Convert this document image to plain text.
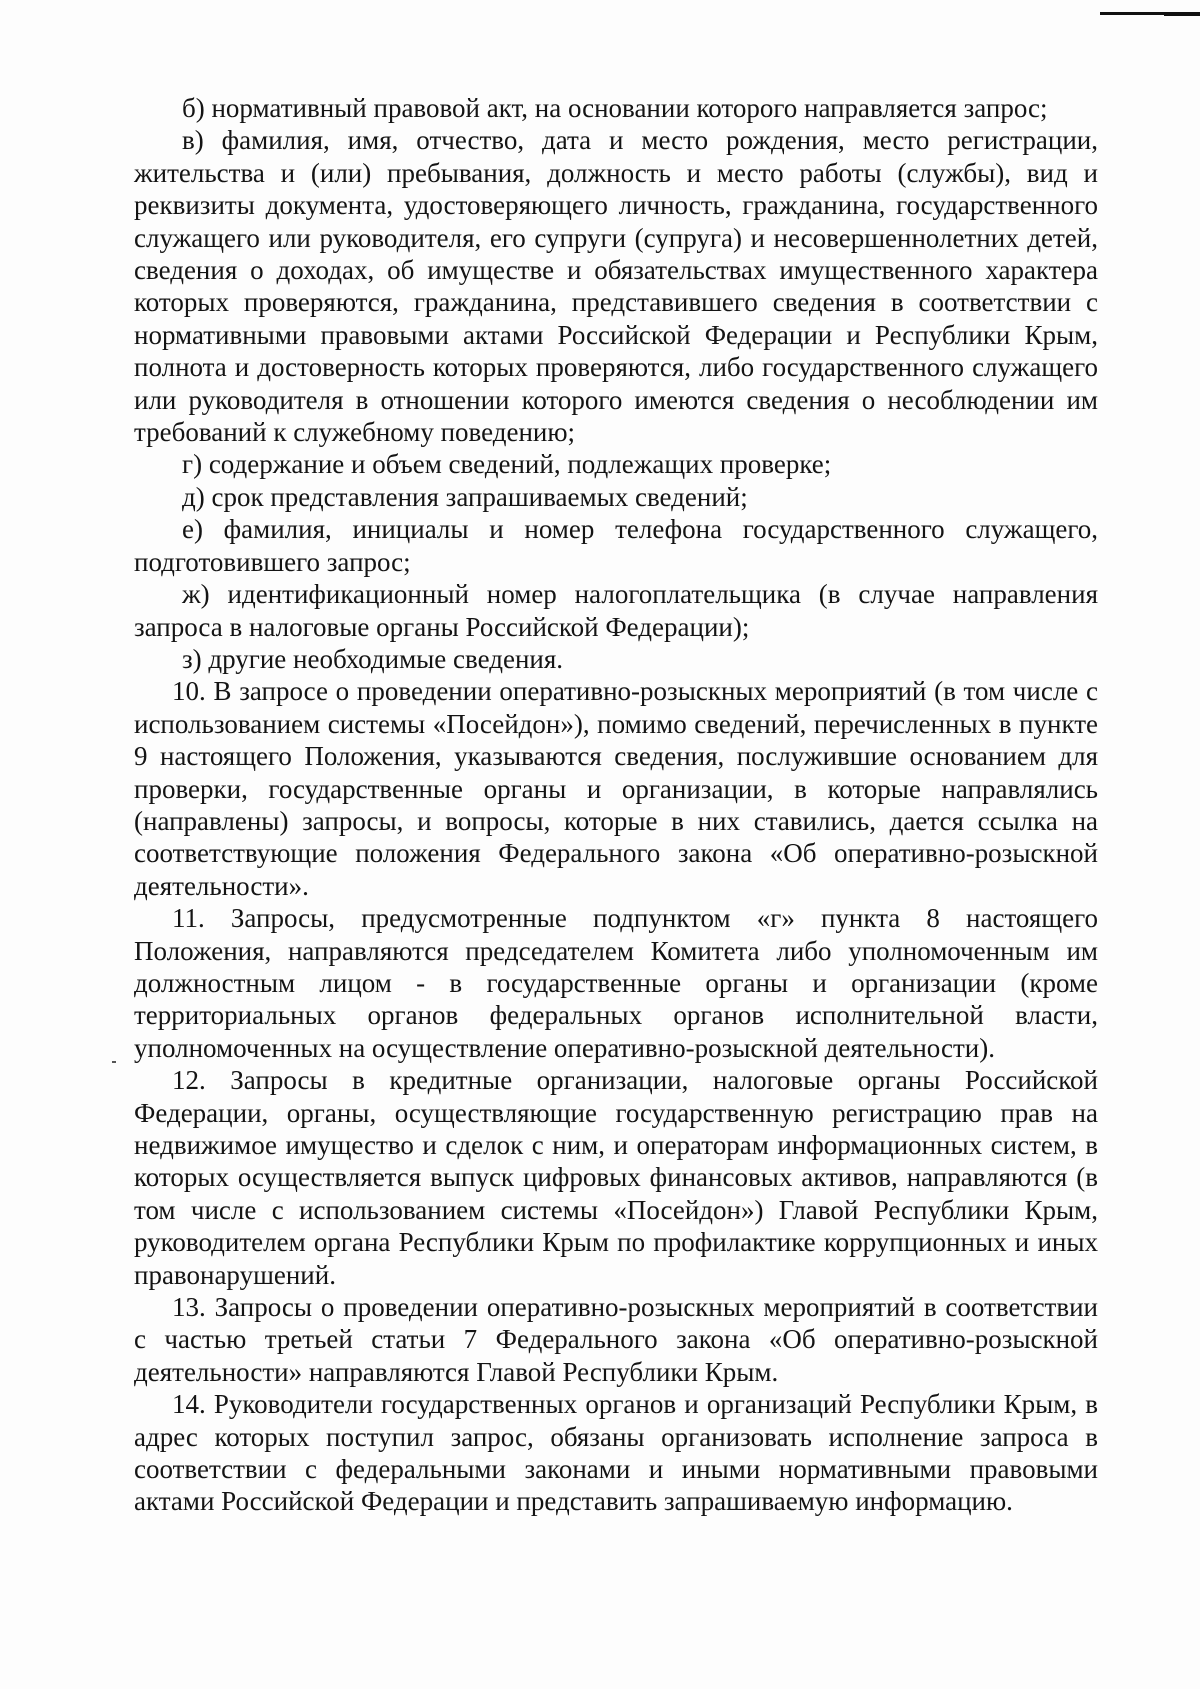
б) нормативный правовой акт, на основании которого направляется запрос;

в) фамилия, имя, отчество, дата и место рождения, место регистрации, жительства и (или) пребывания, должность и место работы (службы), вид и реквизиты документа, удостоверяющего личность, гражданина, государственного служащего или руководителя, его супруги (супруга) и несовершеннолетних детей, сведения о доходах, об имуществе и обязательствах имущественного характера которых проверяются, гражданина, представившего сведения в соответствии с нормативными правовыми актами Российской Федерации и Республики Крым, полнота и достоверность которых проверяются, либо государственного служащего или руководителя в отношении которого имеются сведения о несоблюдении им требований к служебному поведению;

г) содержание и объем сведений, подлежащих проверке;

д) срок представления запрашиваемых сведений;

е) фамилия, инициалы и номер телефона государственного служащего, подготовившего запрос;

ж) идентификационный номер налогоплательщика (в случае направления запроса в налоговые органы Российской Федерации);

з) другие необходимые сведения.

10. В запросе о проведении оперативно-розыскных мероприятий (в том числе с использованием системы «Посейдон»), помимо сведений, перечисленных в пункте 9 настоящего Положения, указываются сведения, послужившие основанием для проверки, государственные органы и организации, в которые направлялись (направлены) запросы, и вопросы, которые в них ставились, дается ссылка на соответствующие положения Федерального закона «Об оперативно-розыскной деятельности».

11. Запросы, предусмотренные подпунктом «г» пункта 8 настоящего Положения, направляются председателем Комитета либо уполномоченным им должностным лицом - в государственные органы и организации (кроме территориальных органов федеральных органов исполнительной власти, уполномоченных на осуществление оперативно-розыскной деятельности).

12. Запросы в кредитные организации, налоговые органы Российской Федерации, органы, осуществляющие государственную регистрацию прав на недвижимое имущество и сделок с ним, и операторам информационных систем, в которых осуществляется выпуск цифровых финансовых активов, направляются (в том числе с использованием системы «Посейдон») Главой Республики Крым, руководителем органа Республики Крым по профилактике коррупционных и иных правонарушений.

13. Запросы о проведении оперативно-розыскных мероприятий в соответствии с частью третьей статьи 7 Федерального закона «Об оперативно-розыскной деятельности» направляются Главой Республики Крым.

14. Руководители государственных органов и организаций Республики Крым, в адрес которых поступил запрос, обязаны организовать исполнение запроса в соответствии с федеральными законами и иными нормативными правовыми актами Российской Федерации и представить запрашиваемую информацию.
